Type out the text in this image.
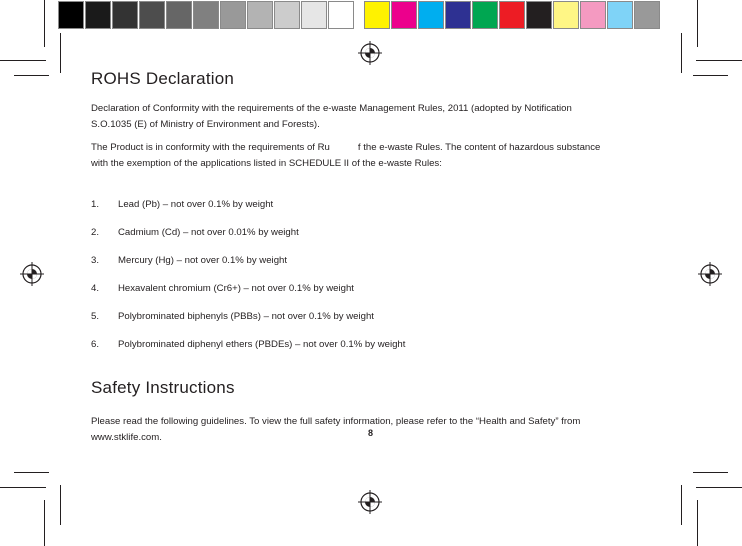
ROHS Declaration
Declaration of Conformity with the requirements of the e-waste Management Rules, 2011 (adopted by Notification
S.O.1035 (E) of Ministry of Environment and Forests).
The Product is in conformity with the requirements of Ru	f the e-waste Rules. The content of hazardous substance
with the exemption of the applications listed in SCHEDULE II of the e-waste Rules:
1. Lead (Pb) – not over 0.1% by weight
2. Cadmium (Cd) – not over 0.01% by weight
3. Mercury (Hg) – not over 0.1% by weight
4. Hexavalent chromium (Cr6+) – not over 0.1% by weight
5. Polybrominated biphenyls (PBBs) – not over 0.1% by weight
6. Polybrominated diphenyl ethers (PBDEs) – not over 0.1% by weight
Safety Instructions
Please read the following guidelines. To view the full safety information, please refer to the “Health and Safety” from
www.stklife.com.	8
